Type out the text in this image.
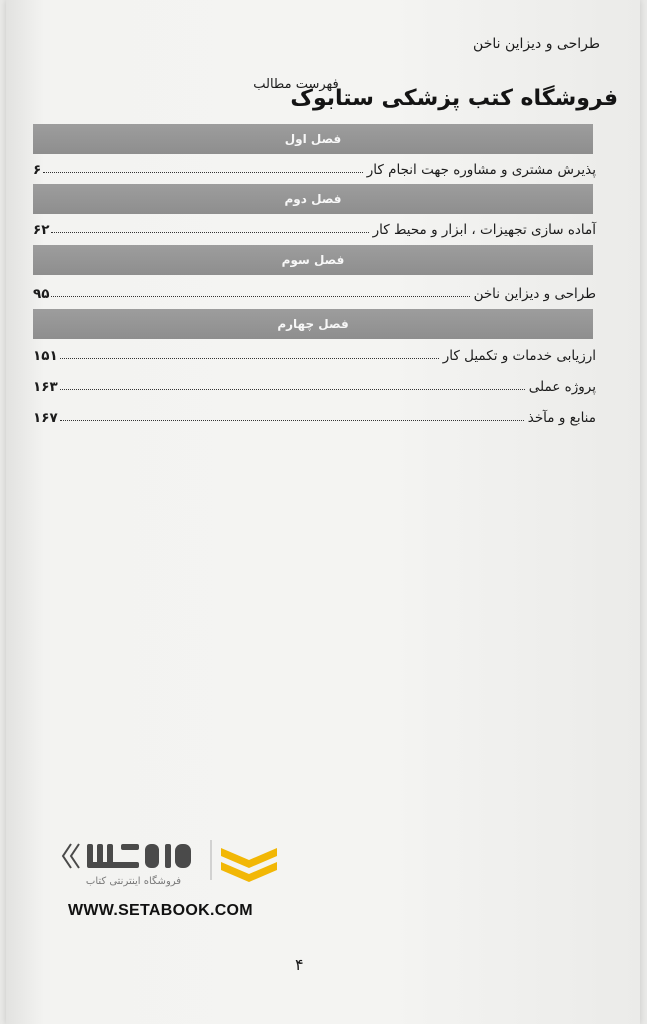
طراحی و دیزاین ناخن
فهرست مطالب
فروشگاه کتب پزشکی ستابوک
فصل اول
پذیرش مشتری و مشاوره جهت انجام کار
۶
فصل دوم
آماده سازی تجهیزات ، ابزار و محیط کار
۶۲
فصل سوم
طراحی و دیزاین ناخن
۹۵
فصل چهارم
ارزیابی خدمات و تکمیل کار
۱۵۱
پروژه عملی
۱۶۳
منابع و مآخذ
۱۶۷
فروشگاه اینترنتی کتاب
WWW.SETABOOK.COM
۴
